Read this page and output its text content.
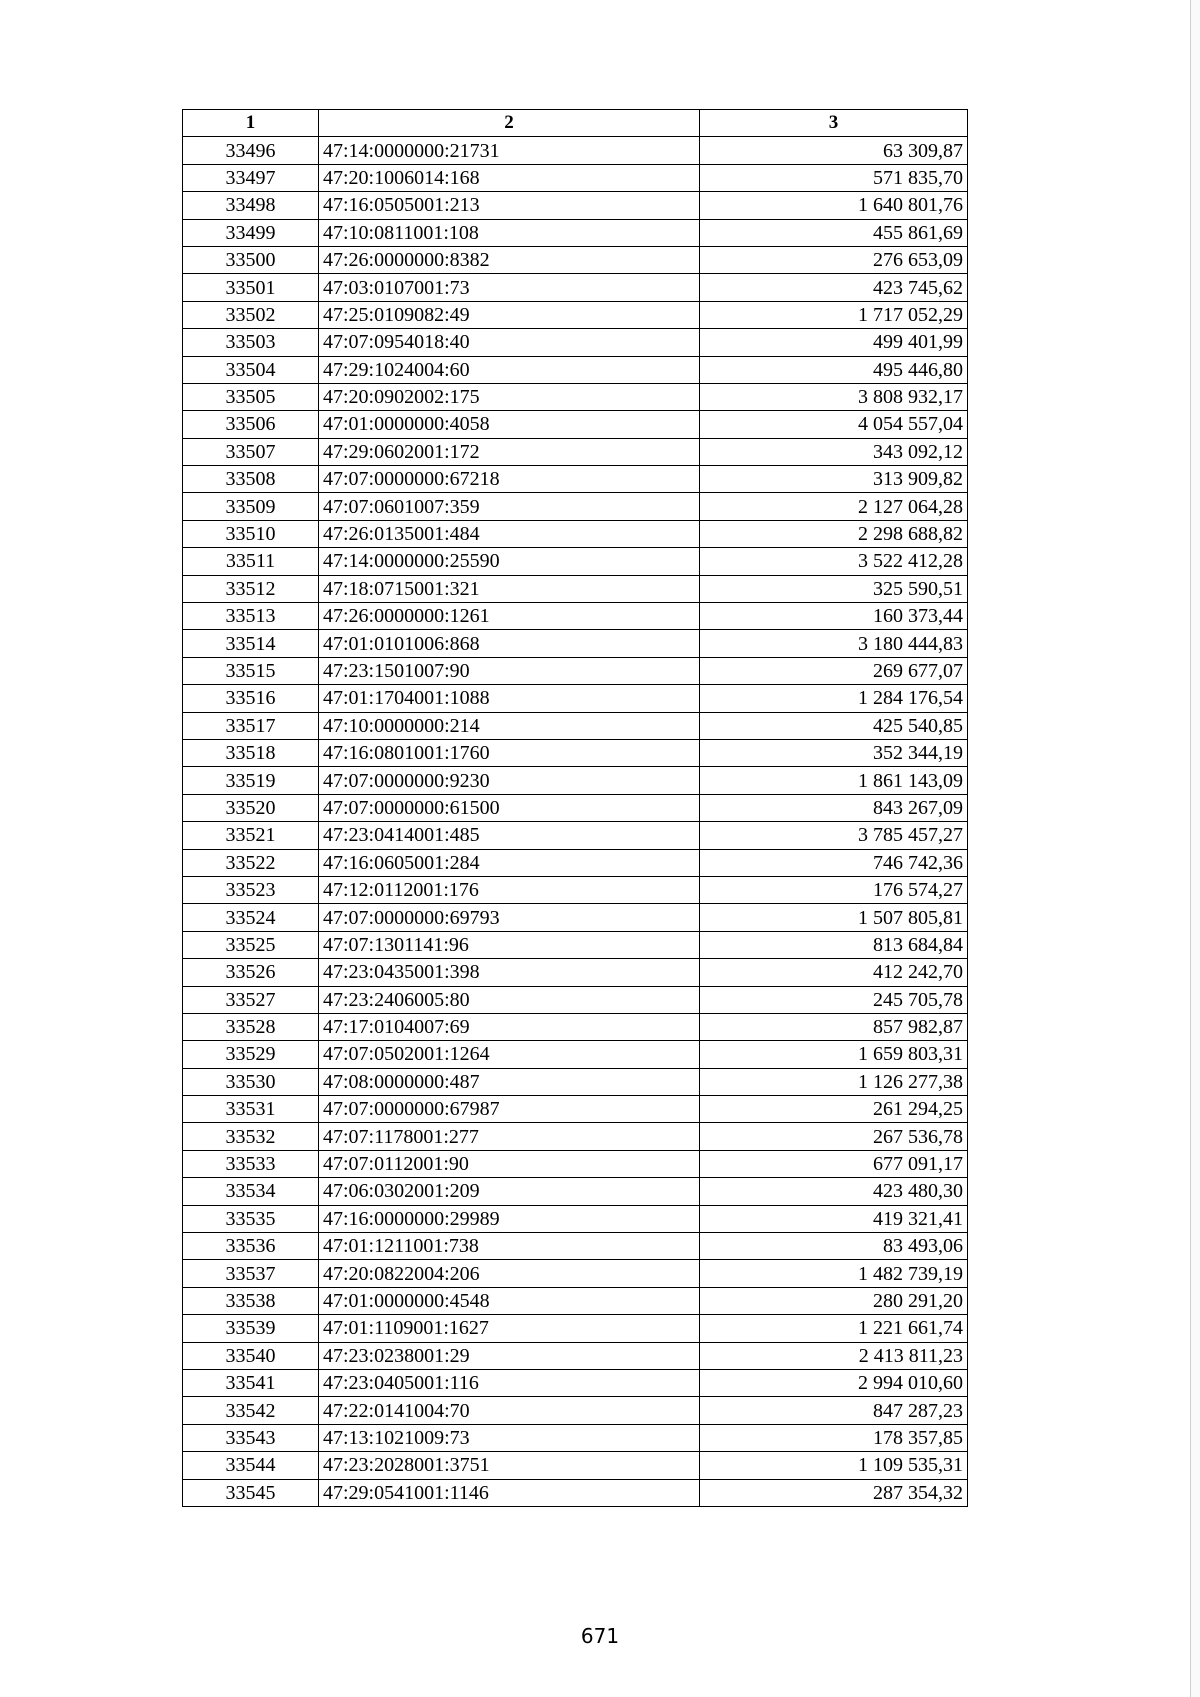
1	2	3
33496	47:14:0000000:21731	63 309,87
33497	47:20:1006014:168	571 835,70
33498	47:16:0505001:213	1 640 801,76
33499	47:10:0811001:108	455 861,69
33500	47:26:0000000:8382	276 653,09
33501	47:03:0107001:73	423 745,62
33502	47:25:0109082:49	1 717 052,29
33503	47:07:0954018:40	499 401,99
33504	47:29:1024004:60	495 446,80
33505	47:20:0902002:175	3 808 932,17
33506	47:01:0000000:4058	4 054 557,04
33507	47:29:0602001:172	343 092,12
33508	47:07:0000000:67218	313 909,82
33509	47:07:0601007:359	2 127 064,28
33510	47:26:0135001:484	2 298 688,82
33511	47:14:0000000:25590	3 522 412,28
33512	47:18:0715001:321	325 590,51
33513	47:26:0000000:1261	160 373,44
33514	47:01:0101006:868	3 180 444,83
33515	47:23:1501007:90	269 677,07
33516	47:01:1704001:1088	1 284 176,54
33517	47:10:0000000:214	425 540,85
33518	47:16:0801001:1760	352 344,19
33519	47:07:0000000:9230	1 861 143,09
33520	47:07:0000000:61500	843 267,09
33521	47:23:0414001:485	3 785 457,27
33522	47:16:0605001:284	746 742,36
33523	47:12:0112001:176	176 574,27
33524	47:07:0000000:69793	1 507 805,81
33525	47:07:1301141:96	813 684,84
33526	47:23:0435001:398	412 242,70
33527	47:23:2406005:80	245 705,78
33528	47:17:0104007:69	857 982,87
33529	47:07:0502001:1264	1 659 803,31
33530	47:08:0000000:487	1 126 277,38
33531	47:07:0000000:67987	261 294,25
33532	47:07:1178001:277	267 536,78
33533	47:07:0112001:90	677 091,17
33534	47:06:0302001:209	423 480,30
33535	47:16:0000000:29989	419 321,41
33536	47:01:1211001:738	83 493,06
33537	47:20:0822004:206	1 482 739,19
33538	47:01:0000000:4548	280 291,20
33539	47:01:1109001:1627	1 221 661,74
33540	47:23:0238001:29	2 413 811,23
33541	47:23:0405001:116	2 994 010,60
33542	47:22:0141004:70	847 287,23
33543	47:13:1021009:73	178 357,85
33544	47:23:2028001:3751	1 109 535,31
33545	47:29:0541001:1146	287 354,32
671
